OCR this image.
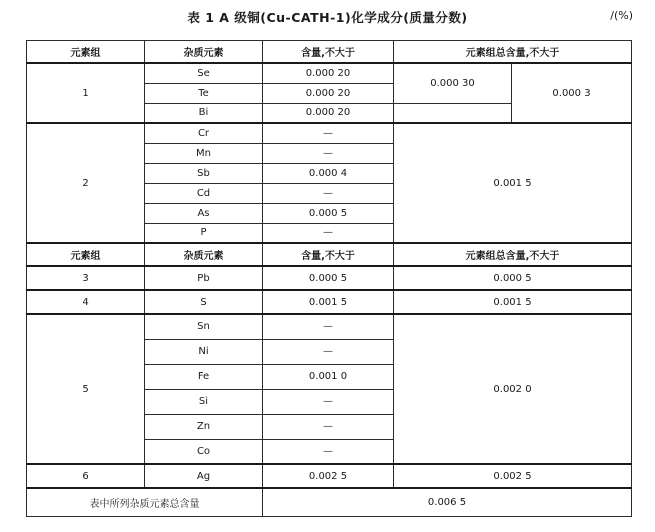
表 1 A 级铜(Cu-CATH-1)化学成分(质量分数)	/(%)
元素组	杂质元素	含量,不大于	元素组总含量,不大于	
1	Se	0.000 20	0.000 30	0.000 3
	Te	0.000 20		
	Bi	0.000 20		
2	Cr	—	0.001 5	
	Mn	—		
	Sb	0.000 4		
	Cd	—		
	As	0.000 5		
	P	—		
元素组	杂质元素	含量,不大于	元素组总含量,不大于	
3	Pb	0.000 5	0.000 5	
4	S	0.001 5	0.001 5	
5	Sn	—	0.002 0	
	Ni	—		
	Fe	0.001 0		
	Si	—		
	Zn	—		
	Co	—		
6	Ag	0.002 5	0.002 5	
表中所列杂质元素总含量		0.006 5		
